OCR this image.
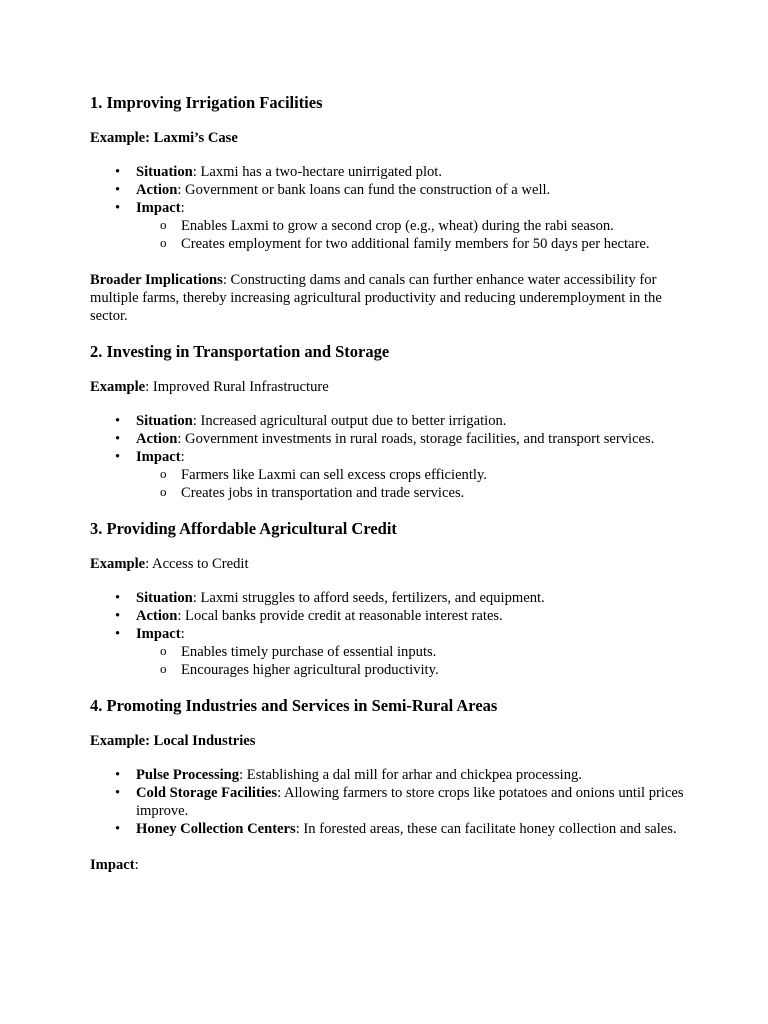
1. Improving Irrigation Facilities

Example: Laxmi’s Case

• Situation: Laxmi has a two-hectare unirrigated plot.
• Action: Government or bank loans can fund the construction of a well.
• Impact:
o Enables Laxmi to grow a second crop (e.g., wheat) during the rabi season.
o Creates employment for two additional family members for 50 days per hectare.

Broader Implications: Constructing dams and canals can further enhance water accessibility for multiple farms, thereby increasing agricultural productivity and reducing underemployment in the sector.

2. Investing in Transportation and Storage

Example: Improved Rural Infrastructure

• Situation: Increased agricultural output due to better irrigation.
• Action: Government investments in rural roads, storage facilities, and transport services.
• Impact:
o Farmers like Laxmi can sell excess crops efficiently.
o Creates jobs in transportation and trade services.
3. Providing Affordable Agricultural Credit

Example: Access to Credit

• Situation: Laxmi struggles to afford seeds, fertilizers, and equipment.
• Action: Local banks provide credit at reasonable interest rates.
• Impact:
o Enables timely purchase of essential inputs.
o Encourages higher agricultural productivity.
4. Promoting Industries and Services in Semi-Rural Areas

Example: Local Industries

• Pulse Processing: Establishing a dal mill for arhar and chickpea processing.
• Cold Storage Facilities: Allowing farmers to store crops like potatoes and onions until prices improve.
• Honey Collection Centers: In forested areas, these can facilitate honey collection and sales.

Impact:
